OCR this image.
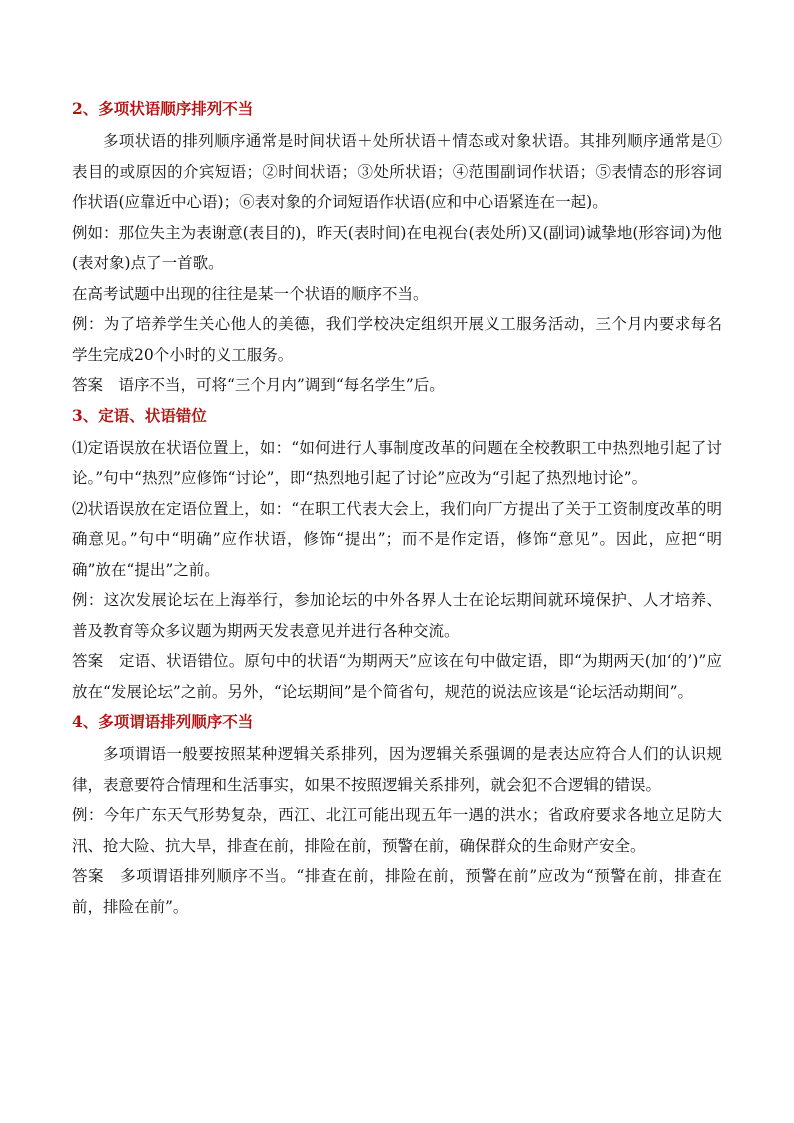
2、多项状语顺序排列不当

多项状语的排列顺序通常是时间状语＋处所状语＋情态或对象状语。其排列顺序通常是①表目的或原因的介宾短语；②时间状语；③处所状语；④范围副词作状语；⑤表情态的形容词作状语(应靠近中心语)；⑥表对象的介词短语作状语(应和中心语紧连在一起)。

例如：那位失主为表谢意(表目的)，昨天(表时间)在电视台(表处所)又(副词)诚挚地(形容词)为他(表对象)点了一首歌。

在高考试题中出现的往往是某一个状语的顺序不当。

例：为了培养学生关心他人的美德，我们学校决定组织开展义工服务活动，三个月内要求每名学生完成20个小时的义工服务。

答案　语序不当，可将“三个月内”调到“每名学生”后。

3、定语、状语错位

⑴定语误放在状语位置上，如：“如何进行人事制度改革的问题在全校教职工中热烈地引起了讨论。”句中“热烈”应修饰“讨论”，即“热烈地引起了讨论”应改为“引起了热烈地讨论”。

⑵状语误放在定语位置上，如：“在职工代表大会上，我们向厂方提出了关于工资制度改革的明确意见。”句中“明确”应作状语，修饰“提出”；而不是作定语，修饰“意见”。因此，应把“明确”放在“提出”之前。

例：这次发展论坛在上海举行，参加论坛的中外各界人士在论坛期间就环境保护、人才培养、普及教育等众多议题为期两天发表意见并进行各种交流。

答案　定语、状语错位。原句中的状语“为期两天”应该在句中做定语，即“为期两天(加‘的’)”应放在“发展论坛”之前。另外，“论坛期间”是个简省句，规范的说法应该是“论坛活动期间”。

4、多项谓语排列顺序不当

多项谓语一般要按照某种逻辑关系排列，因为逻辑关系强调的是表达应符合人们的认识规律，表意要符合情理和生活事实，如果不按照逻辑关系排列，就会犯不合逻辑的错误。

例：今年广东天气形势复杂，西江、北江可能出现五年一遇的洪水；省政府要求各地立足防大汛、抢大险、抗大旱，排查在前，排险在前，预警在前，确保群众的生命财产安全。

答案　多项谓语排列顺序不当。“排查在前，排险在前，预警在前”应改为“预警在前，排查在前，排险在前”。
